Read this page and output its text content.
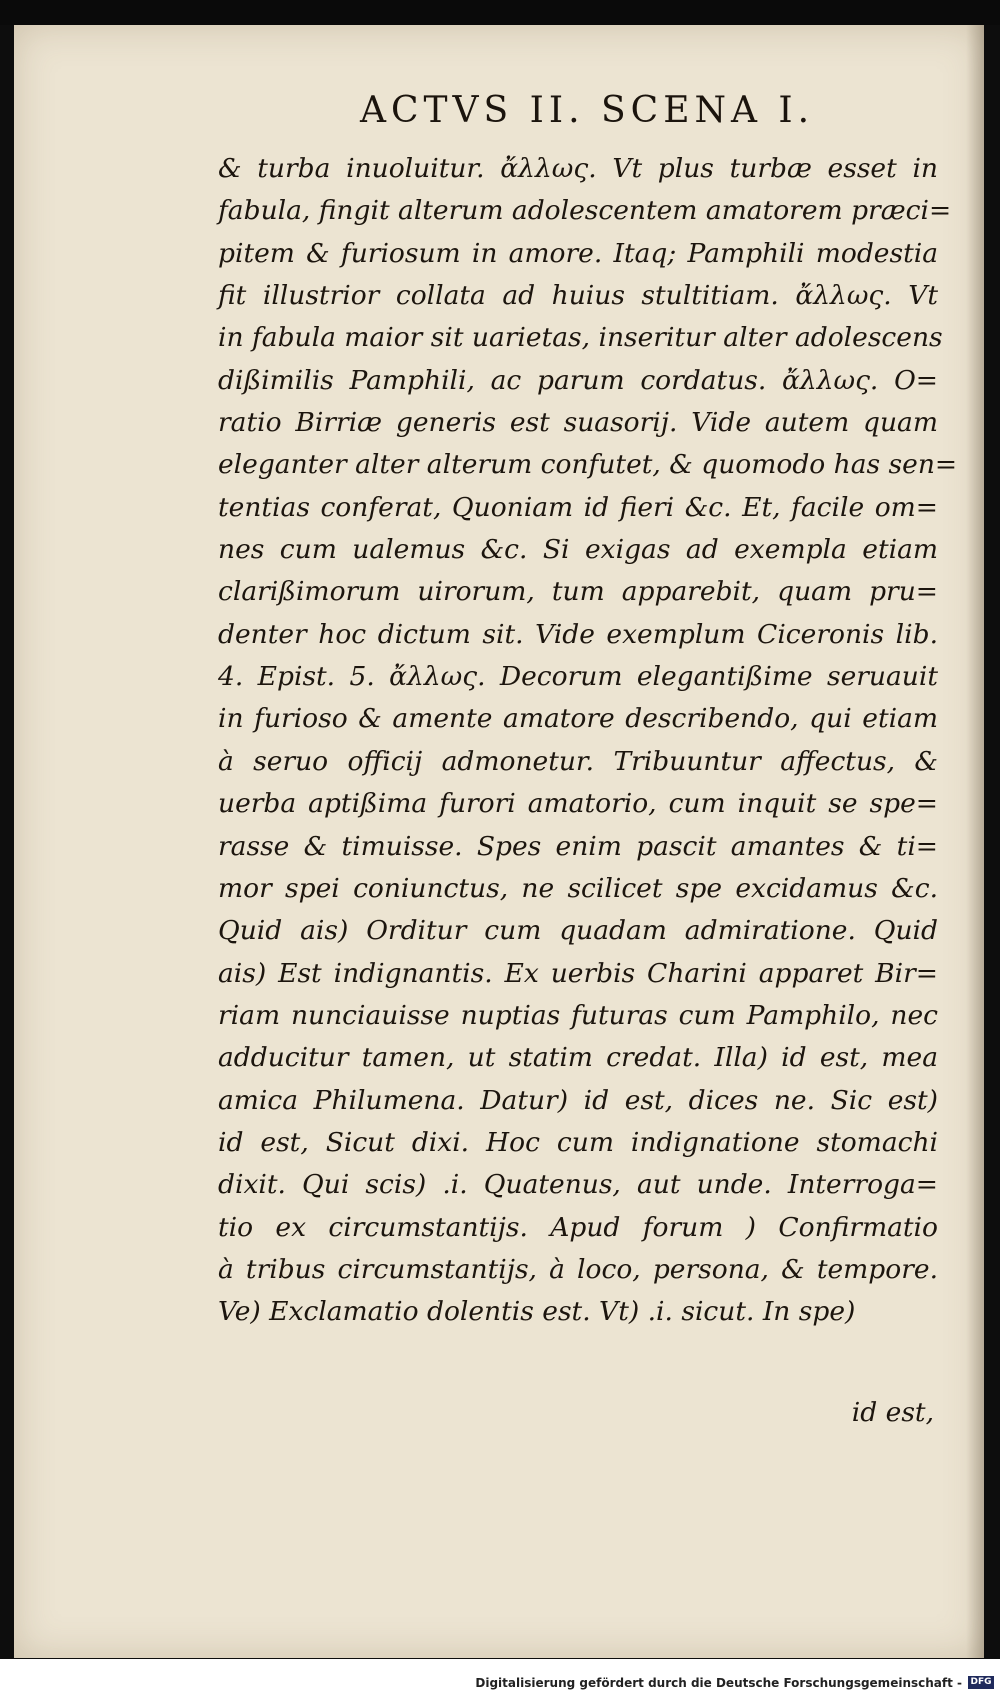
ACTVS II. SCENA I.
& turba inuoluitur. ἄλλως. Vt plus turbæ esset in
fabula, fingit alterum adolescentem amatorem præci=
pitem & furiosum in amore. Itaq; Pamphili modestia
fit illustrior collata ad huius stultitiam. ἄλλως. Vt
in fabula maior sit uarietas, inseritur alter adolescens
dißimilis Pamphili, ac parum cordatus. ἄλλως. O=
ratio Birriæ generis est suasorij. Vide autem quam
eleganter alter alterum confutet, & quomodo has sen=
tentias conferat, Quoniam id fieri &c. Et, facile om=
nes cum ualemus &c. Si exigas ad exempla etiam
clarißimorum uirorum, tum apparebit, quam pru=
denter hoc dictum sit. Vide exemplum Ciceronis lib.
4. Epist. 5. ἄλλως. Decorum elegantißime seruauit
in furioso & amente amatore describendo, qui etiam
à seruo officij admonetur. Tribuuntur affectus, &
uerba aptißima furori amatorio, cum inquit se spe=
rasse & timuisse. Spes enim pascit amantes & ti=
mor spei coniunctus, ne scilicet spe excidamus &c.
Quid ais) Orditur cum quadam admiratione. Quid
ais) Est indignantis. Ex uerbis Charini apparet Bir=
riam nunciauisse nuptias futuras cum Pamphilo, nec
adducitur tamen, ut statim credat. Illa) id est, mea
amica Philumena. Datur) id est, dices ne. Sic est)
id est, Sicut dixi. Hoc cum indignatione stomachi
dixit. Qui scis) .i. Quatenus, aut unde. Interroga=
tio ex circumstantijs. Apud forum ) Confirmatio
à tribus circumstantijs, à loco, persona, & tempore.
Ve) Exclamatio dolentis est. Vt) .i. sicut. In spe)
id est,
Digitalisierung gefördert durch die Deutsche Forschungsgemeinschaft - DFG
